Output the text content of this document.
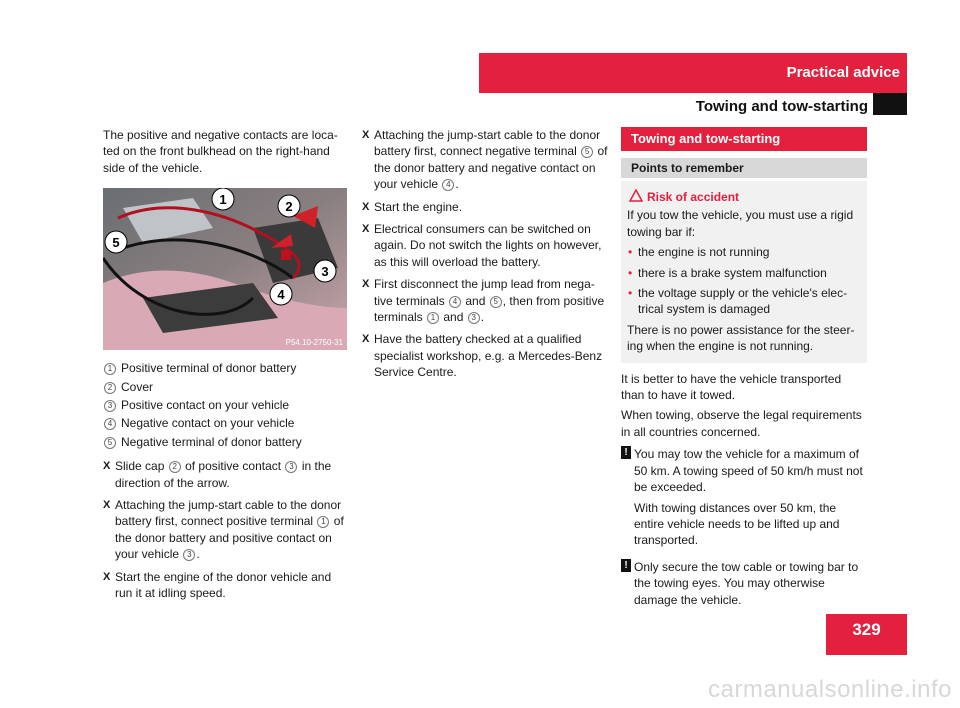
Practical advice
Towing and tow-starting

The positive and negative contacts are loca-ted on the front bulkhead on the right-hand side of the vehicle.

1	2
3
4
5
P54.10-2750-31
1 Positive terminal of donor battery
2 Cover
3 Positive contact on your vehicle
4 Negative contact on your vehicle
5 Negative terminal of donor battery
X Slide cap 2 of positive contact 3 in the direction of the arrow.
X Attaching the jump-start cable to the donor battery first, connect positive terminal 1 of the donor battery and positive contact on your vehicle 3 .
X Start the engine of the donor vehicle and run it at idling speed.
X Attaching the jump-start cable to the donor battery first, connect negative terminal 5 of the donor battery and negative contact on your vehicle 4 .
X Start the engine.
X Electrical consumers can be switched on again. Do not switch the lights on however, as this will overload the battery.
X First disconnect the jump lead from nega-tive terminals 4 and 5 , then from positive terminals 1 and 3 .
X Have the battery checked at a qualified specialist workshop, e.g. a Mercedes-Benz Service Centre.
Towing and tow-starting
Points to remember
Risk of accident

If you tow the vehicle, you must use a rigid towing bar if:

• the engine is not running
• there is a brake system malfunction
• the voltage supply or the vehicle's elec-trical system is damaged

There is no power assistance for the steer-ing when the engine is not running.

It is better to have the vehicle transported than to have it towed.

When towing, observe the legal requirements in all countries concerned.

! You may tow the vehicle for a maximum of 50 km. A towing speed of 50 km/h must not be exceeded.

With towing distances over 50 km, the entire vehicle needs to be lifted up and transported.

! Only secure the tow cable or towing bar to the towing eyes. You may otherwise damage the vehicle.

329
carmanualsonline.info
